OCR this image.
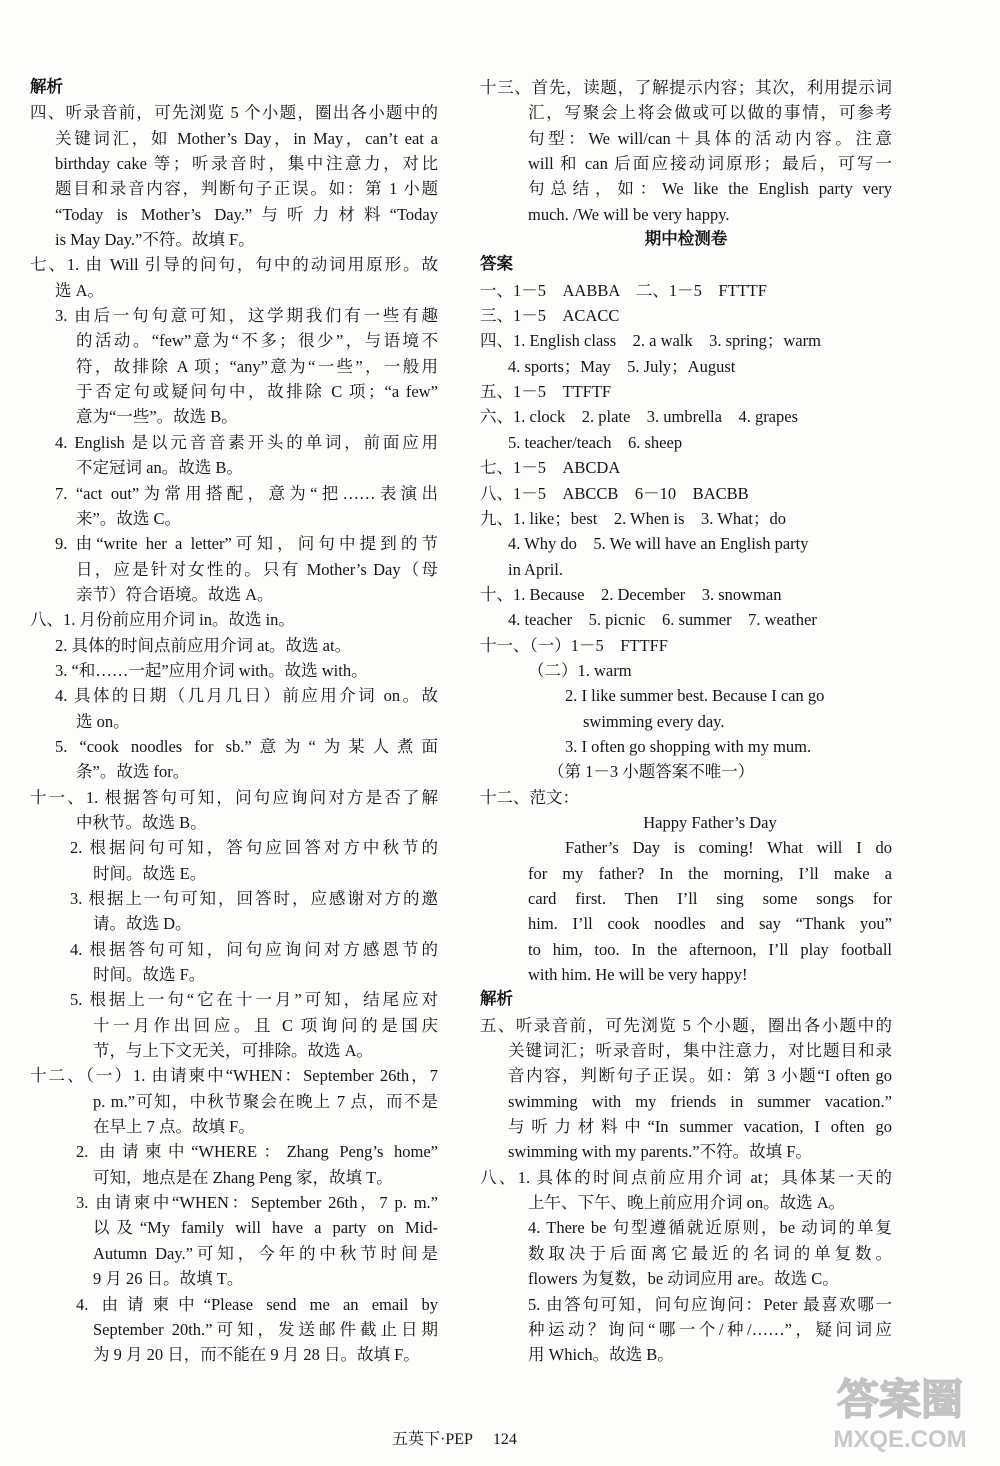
解析
四、听录音前，可先浏览 5 个小题，圈出各小题中的
关键词汇，如 Mother’s Day，in May，can’t eat a
birthday cake 等；听录音时，集中注意力，对比
题目和录音内容，判断句子正误。如：第 1 小题
“Today is Mother’s Day.”与听力材料“Today
is May Day.”不符。故填 F。
七、1. 由 Will 引导的问句，句中的动词用原形。故
选 A。
3. 由后一句句意可知，这学期我们有一些有趣
的活动。“few”意为“不多；很少”，与语境不
符，故排除 A 项；“any”意为“一些”，一般用
于否定句或疑问句中，故排除 C 项；“a few”
意为“一些”。故选 B。
4. English 是以元音音素开头的单词，前面应用
不定冠词 an。故选 B。
7. “act out”为常用搭配，意为“把……表演出
来”。故选 C。
9. 由“write her a letter”可知，问句中提到的节
日，应是针对女性的。只有 Mother’s Day（母
亲节）符合语境。故选 A。
八、1. 月份前应用介词 in。故选 in。
2. 具体的时间点前应用介词 at。故选 at。
3. “和……一起”应用介词 with。故选 with。
4. 具体的日期（几月几日）前应用介词 on。故
选 on。
5. “cook noodles for sb.”意为“为某人煮面
条”。故选 for。
十一、1. 根据答句可知，问句应询问对方是否了解
中秋节。故选 B。
2. 根据问句可知，答句应回答对方中秋节的
时间。故选 E。
3. 根据上一句可知，回答时，应感谢对方的邀
请。故选 D。
4. 根据答句可知，问句应询问对方感恩节的
时间。故选 F。
5. 根据上一句“它在十一月”可知，结尾应对
十一月作出回应。且 C 项询问的是国庆
节，与上下文无关，可排除。故选 A。
十二、（一）1. 由请柬中“WHEN：September 26th，7
p. m.”可知，中秋节聚会在晚上 7 点，而不是
在早上 7 点。故填 F。
2. 由请柬中“WHERE：Zhang Peng’s home”
可知，地点是在 Zhang Peng 家，故填 T。
3. 由请柬中“WHEN：September 26th，7 p. m.”
以及“My family will have a party on Mid-
Autumn Day.”可知，今年的中秋节时间是
9 月 26 日。故填 T。
4. 由请柬中“Please send me an email by
September 20th.”可知，发送邮件截止日期
为 9 月 20 日，而不能在 9 月 28 日。故填 F。
十三、首先，读题，了解提示内容；其次，利用提示词
汇，写聚会上将会做或可以做的事情，可参考
句型：We will/can＋具体的活动内容。注意
will 和 can 后面应接动词原形；最后，可写一
句总结，如：We like the English party very
much. /We will be very happy.
期中检测卷
答案
一、1－5　AABBA　二、1－5　FTTTF
三、1－5　ACACC
四、1. English class　2. a walk　3. spring；warm
4. sports；May　5. July；August
五、1－5　TTFTF
六、1. clock　2. plate　3. umbrella　4. grapes
5. teacher/teach　6. sheep
七、1－5　ABCDA
八、1－5　ABCCB　6－10　BACBB
九、1. like；best　2. When is　3. What；do
4. Why do　5. We will have an English party
in April.
十、1. Because　2. December　3. snowman
4. teacher　5. picnic　6. summer　7. weather
十一、（一）1－5　FTTFF
（二）1. warm
2. I like summer best. Because I can go
swimming every day.
3. I often go shopping with my mum.
（第 1－3 小题答案不唯一）
十二、范文：
Happy Father’s Day
Father’s Day is coming! What will I do
for my father? In the morning, I’ll make a
card first. Then I’ll sing some songs for
him. I’ll cook noodles and say “Thank you”
to him, too. In the afternoon, I’ll play football
with him. He will be very happy!
解析
五、听录音前，可先浏览 5 个小题，圈出各小题中的
关键词汇；听录音时，集中注意力，对比题目和录
音内容，判断句子正误。如：第 3 小题“I often go
swimming with my friends in summer vacation.”
与听力材料中“In summer vacation, I often go
swimming with my parents.”不符。故填 F。
八、1. 具体的时间点前应用介词 at；具体某一天的
上午、下午、晚上前应用介词 on。故选 A。
4. There be 句型遵循就近原则，be 动词的单复
数取决于后面离它最近的名词的单复数。
flowers 为复数，be 动词应用 are。故选 C。
5. 由答句可知，问句应询问：Peter 最喜欢哪一
种运动？询问“哪一个/种/……”，疑问词应
用 Which。故选 B。
五英下·PEP 124
答案圈
MXQE.COM
